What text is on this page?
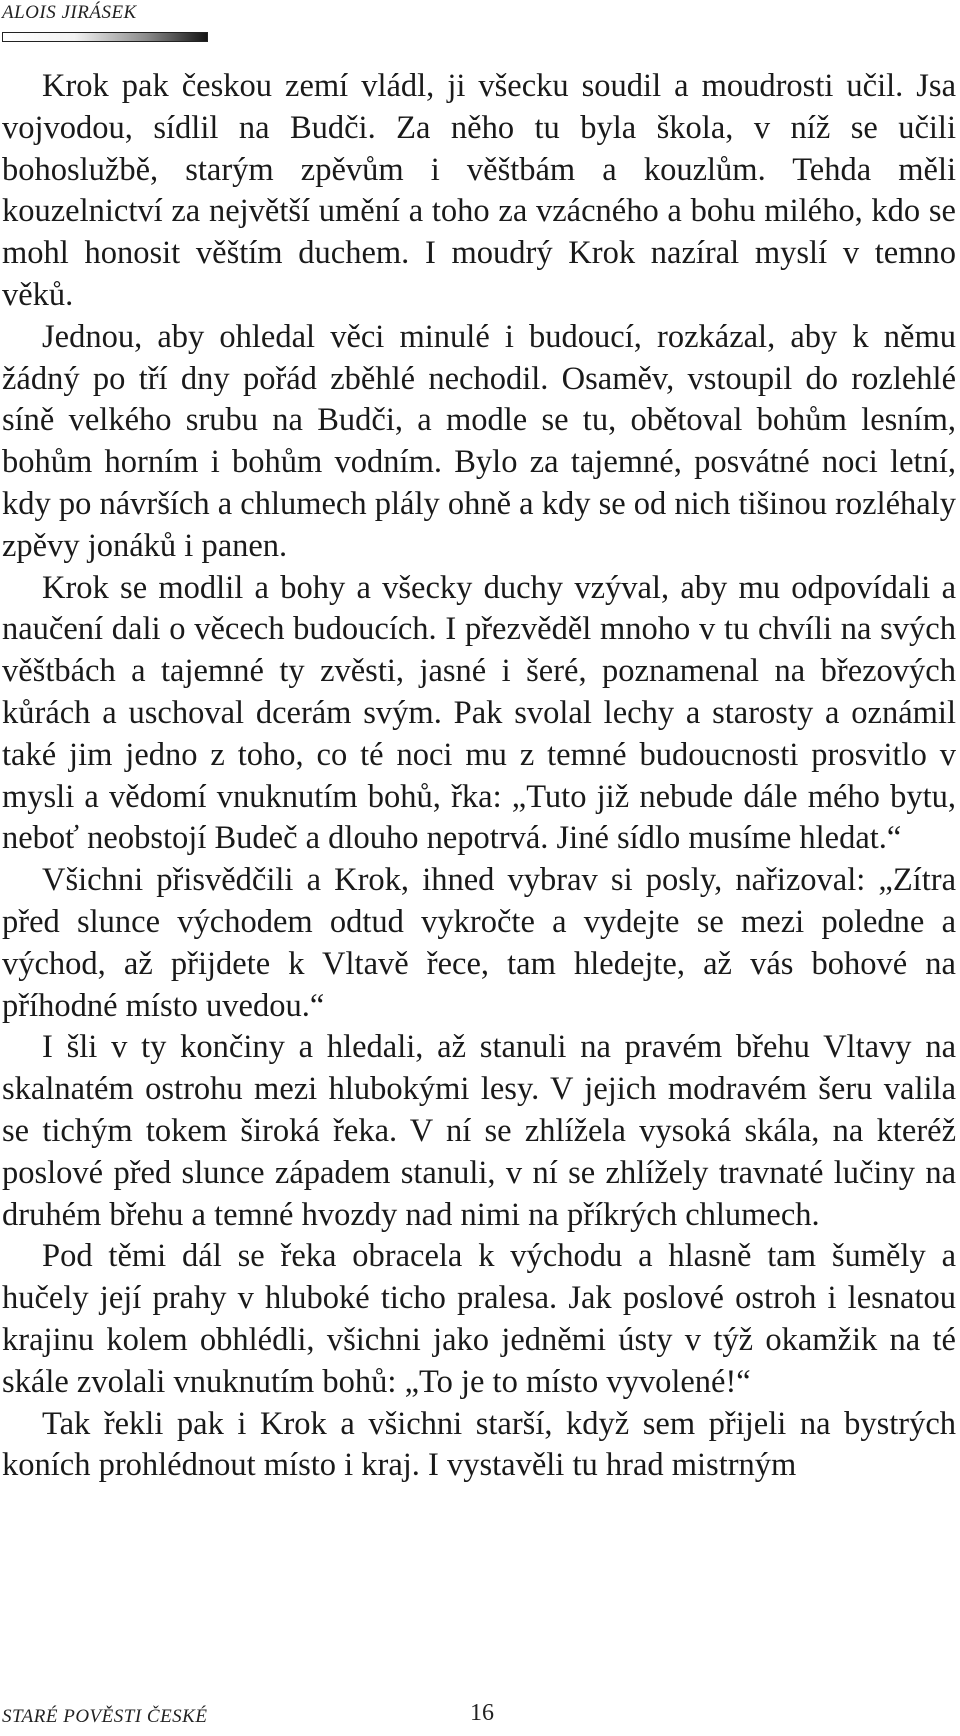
ALOIS JIRÁSEK

Krok pak českou zemí vládl, ji všecku soudil a moudrosti učil. Jsa vojvodou, sídlil na Budči. Za něho tu byla škola, v níž se učili bohoslužbě, starým zpěvům i věštbám a kouzlům. Tehda měli kouzelnictví za největší umění a toho za vzácného a bohu milého, kdo se mohl honosit věštím duchem. I moudrý Krok nazíral myslí v temno věků.

Jednou, aby ohledal věci minulé i budoucí, rozkázal, aby k němu žádný po tří dny pořád zběhlé nechodil. Osaměv, vstoupil do rozlehlé síně velkého srubu na Budči, a modle se tu, obětoval bohům lesním, bohům horním i bohům vodním. Bylo za tajemné, posvátné noci letní, kdy po návrších a chlumech plály ohně a kdy se od nich tišinou rozléhaly zpěvy jonáků i panen.

Krok se modlil a bohy a všecky duchy vzýval, aby mu odpovídali a naučení dali o věcech budoucích. I přezvěděl mnoho v tu chvíli na svých věštbách a tajemné ty zvěsti, jasné i šeré, poznamenal na březových kůrách a uschoval dcerám svým. Pak svolal lechy a starosty a oznámil také jim jedno z toho, co té noci mu z temné budoucnosti prosvitlo v mysli a vědomí vnuknutím bohů, řka: „Tuto již nebude dále mého bytu, neboť neobstojí Budeč a dlouho nepotrvá. Jiné sídlo musíme hledat.“

Všichni přisvědčili a Krok, ihned vybrav si posly, nařizoval: „Zítra před slunce východem odtud vykročte a vydejte se mezi poledne a východ, až přijdete k Vltavě řece, tam hledejte, až vás bohové na příhodné místo uvedou.“

I šli v ty končiny a hledali, až stanuli na pravém břehu Vltavy na skalnatém ostrohu mezi hlubokými lesy. V jejich modravém šeru valila se tichým tokem široká řeka. V ní se zhlížela vysoká skála, na kteréž poslové před slunce západem stanuli, v ní se zhlížely travnaté lučiny na druhém břehu a temné hvozdy nad nimi na příkrých chlumech.

Pod těmi dál se řeka obracela k východu a hlasně tam šuměly a hučely její prahy v hluboké ticho pralesa. Jak poslové ostroh i lesnatou krajinu kolem obhlédli, všichni jako jedněmi ústy v týž okamžik na té skále zvolali vnuknutím bohů: „To je to místo vyvolené!“

Tak řekli pak i Krok a všichni starší, když sem přijeli na bystrých koních prohlédnout místo i kraj. I vystavěli tu hrad mistrným

STARÉ POVĚSTI ČESKÉ	16
